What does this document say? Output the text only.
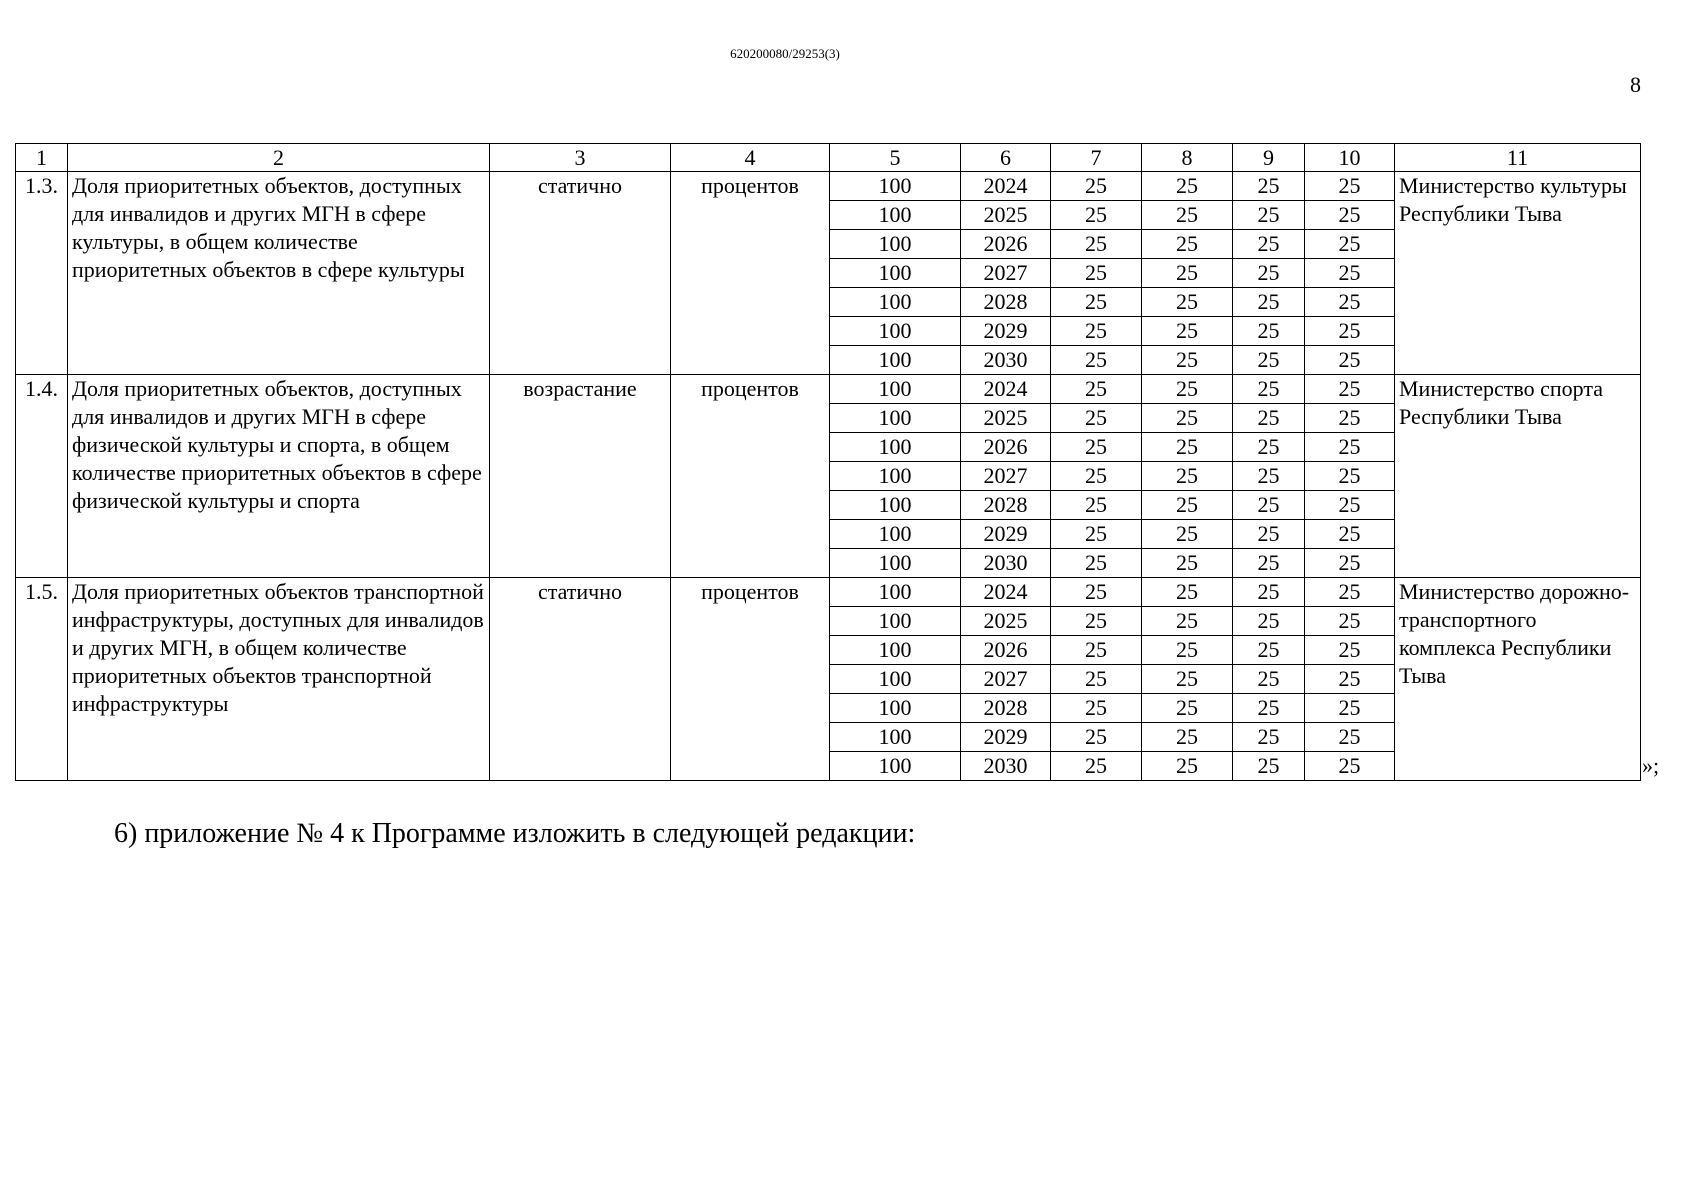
620200080/29253(3)
8
1	2	3	4	5	6	7	8	9	10	11
1.3.	Доля приоритетных объектов, доступных для инвалидов и других МГН в сфере культуры, в общем количестве приоритетных объектов в сфере культуры	статично	процентов	100	2024	25	25	25	25	Министерство культуры Республики Тыва
				100	2025	25	25	25	25	
				100	2026	25	25	25	25	
				100	2027	25	25	25	25	
				100	2028	25	25	25	25	
				100	2029	25	25	25	25	
				100	2030	25	25	25	25	
1.4.	Доля приоритетных объектов, доступных для инвалидов и других МГН в сфере физической культуры и спорта, в общем количестве приоритетных объектов в сфере физической культуры и спорта	возрастание	процентов	100	2024	25	25	25	25	Министерство спорта Республики Тыва
				100	2025	25	25	25	25	
				100	2026	25	25	25	25	
				100	2027	25	25	25	25	
				100	2028	25	25	25	25	
				100	2029	25	25	25	25	
				100	2030	25	25	25	25	
1.5.	Доля приоритетных объектов транспортной инфраструктуры, доступных для инвалидов и других МГН, в общем количестве приоритетных объектов транспортной инфраструктуры	статично	процентов	100	2024	25	25	25	25	Министерство дорожно-транспортного комплекса Республики Тыва
				100	2025	25	25	25	25	
				100	2026	25	25	25	25	
				100	2027	25	25	25	25	
				100	2028	25	25	25	25	
				100	2029	25	25	25	25	
				100	2030	25	25	25	25		»;
6) приложение № 4 к Программе изложить в следующей редакции:
